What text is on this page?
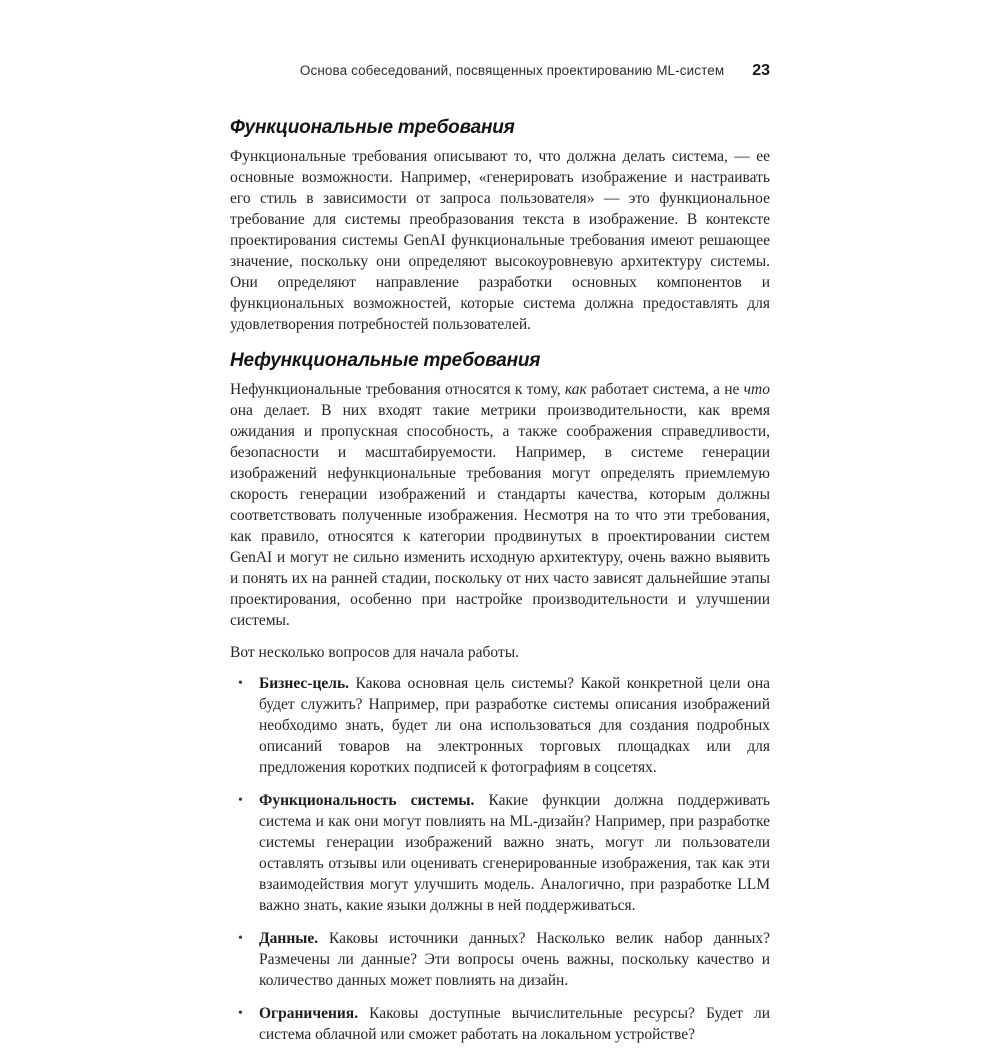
Основа собеседований, посвященных проектированию ML-систем 23
Функциональные требования

Функциональные требования описывают то, что должна делать система, — ее основные возможности. Например, «генерировать изображение и настраивать его стиль в зависимости от запроса пользователя» — это функциональное требование для системы преобразования текста в изображение. В контексте проектирования системы GenAI функциональные требования имеют решающее значение, поскольку они определяют высокоуровневую архитектуру системы. Они определяют направление разработки основных компонентов и функциональных возможностей, которые система должна предоставлять для удовлетворения потребностей пользователей.

Нефункциональные требования

Нефункциональные требования относятся к тому, как работает система, а не что она делает. В них входят такие метрики производительности, как время ожидания и пропускная способность, а также соображения справедливости, безопасности и масштабируемости. Например, в системе генерации изображений нефункциональные требования могут определять приемлемую скорость генерации изображений и стандарты качества, которым должны соответствовать полученные изображения. Несмотря на то что эти требования, как правило, относятся к категории продвинутых в проектировании систем GenAI и могут не сильно изменить исходную архитектуру, очень важно выявить и понять их на ранней стадии, поскольку от них часто зависят дальнейшие этапы проектирования, особенно при настройке производительности и улучшении системы.

Вот несколько вопросов для начала работы.

• Бизнес-цель. Какова основная цель системы? Какой конкретной цели она будет служить? Например, при разработке системы описания изображений необходимо знать, будет ли она использоваться для создания подробных описаний товаров на электронных торговых площадках или для предложения коротких подписей к фотографиям в соцсетях.
• Функциональность системы. Какие функции должна поддерживать система и как они могут повлиять на ML-дизайн? Например, при разработке системы генерации изображений важно знать, могут ли пользователи оставлять отзывы или оценивать сгенерированные изображения, так как эти взаимодействия могут улучшить модель. Аналогично, при разработке LLM важно знать, какие языки должны в ней поддерживаться.
• Данные. Каковы источники данных? Насколько велик набор данных? Размечены ли данные? Эти вопросы очень важны, поскольку качество и количество данных может повлиять на дизайн.
• Ограничения. Каковы доступные вычислительные ресурсы? Будет ли система облачной или сможет работать на локальном устройстве?
